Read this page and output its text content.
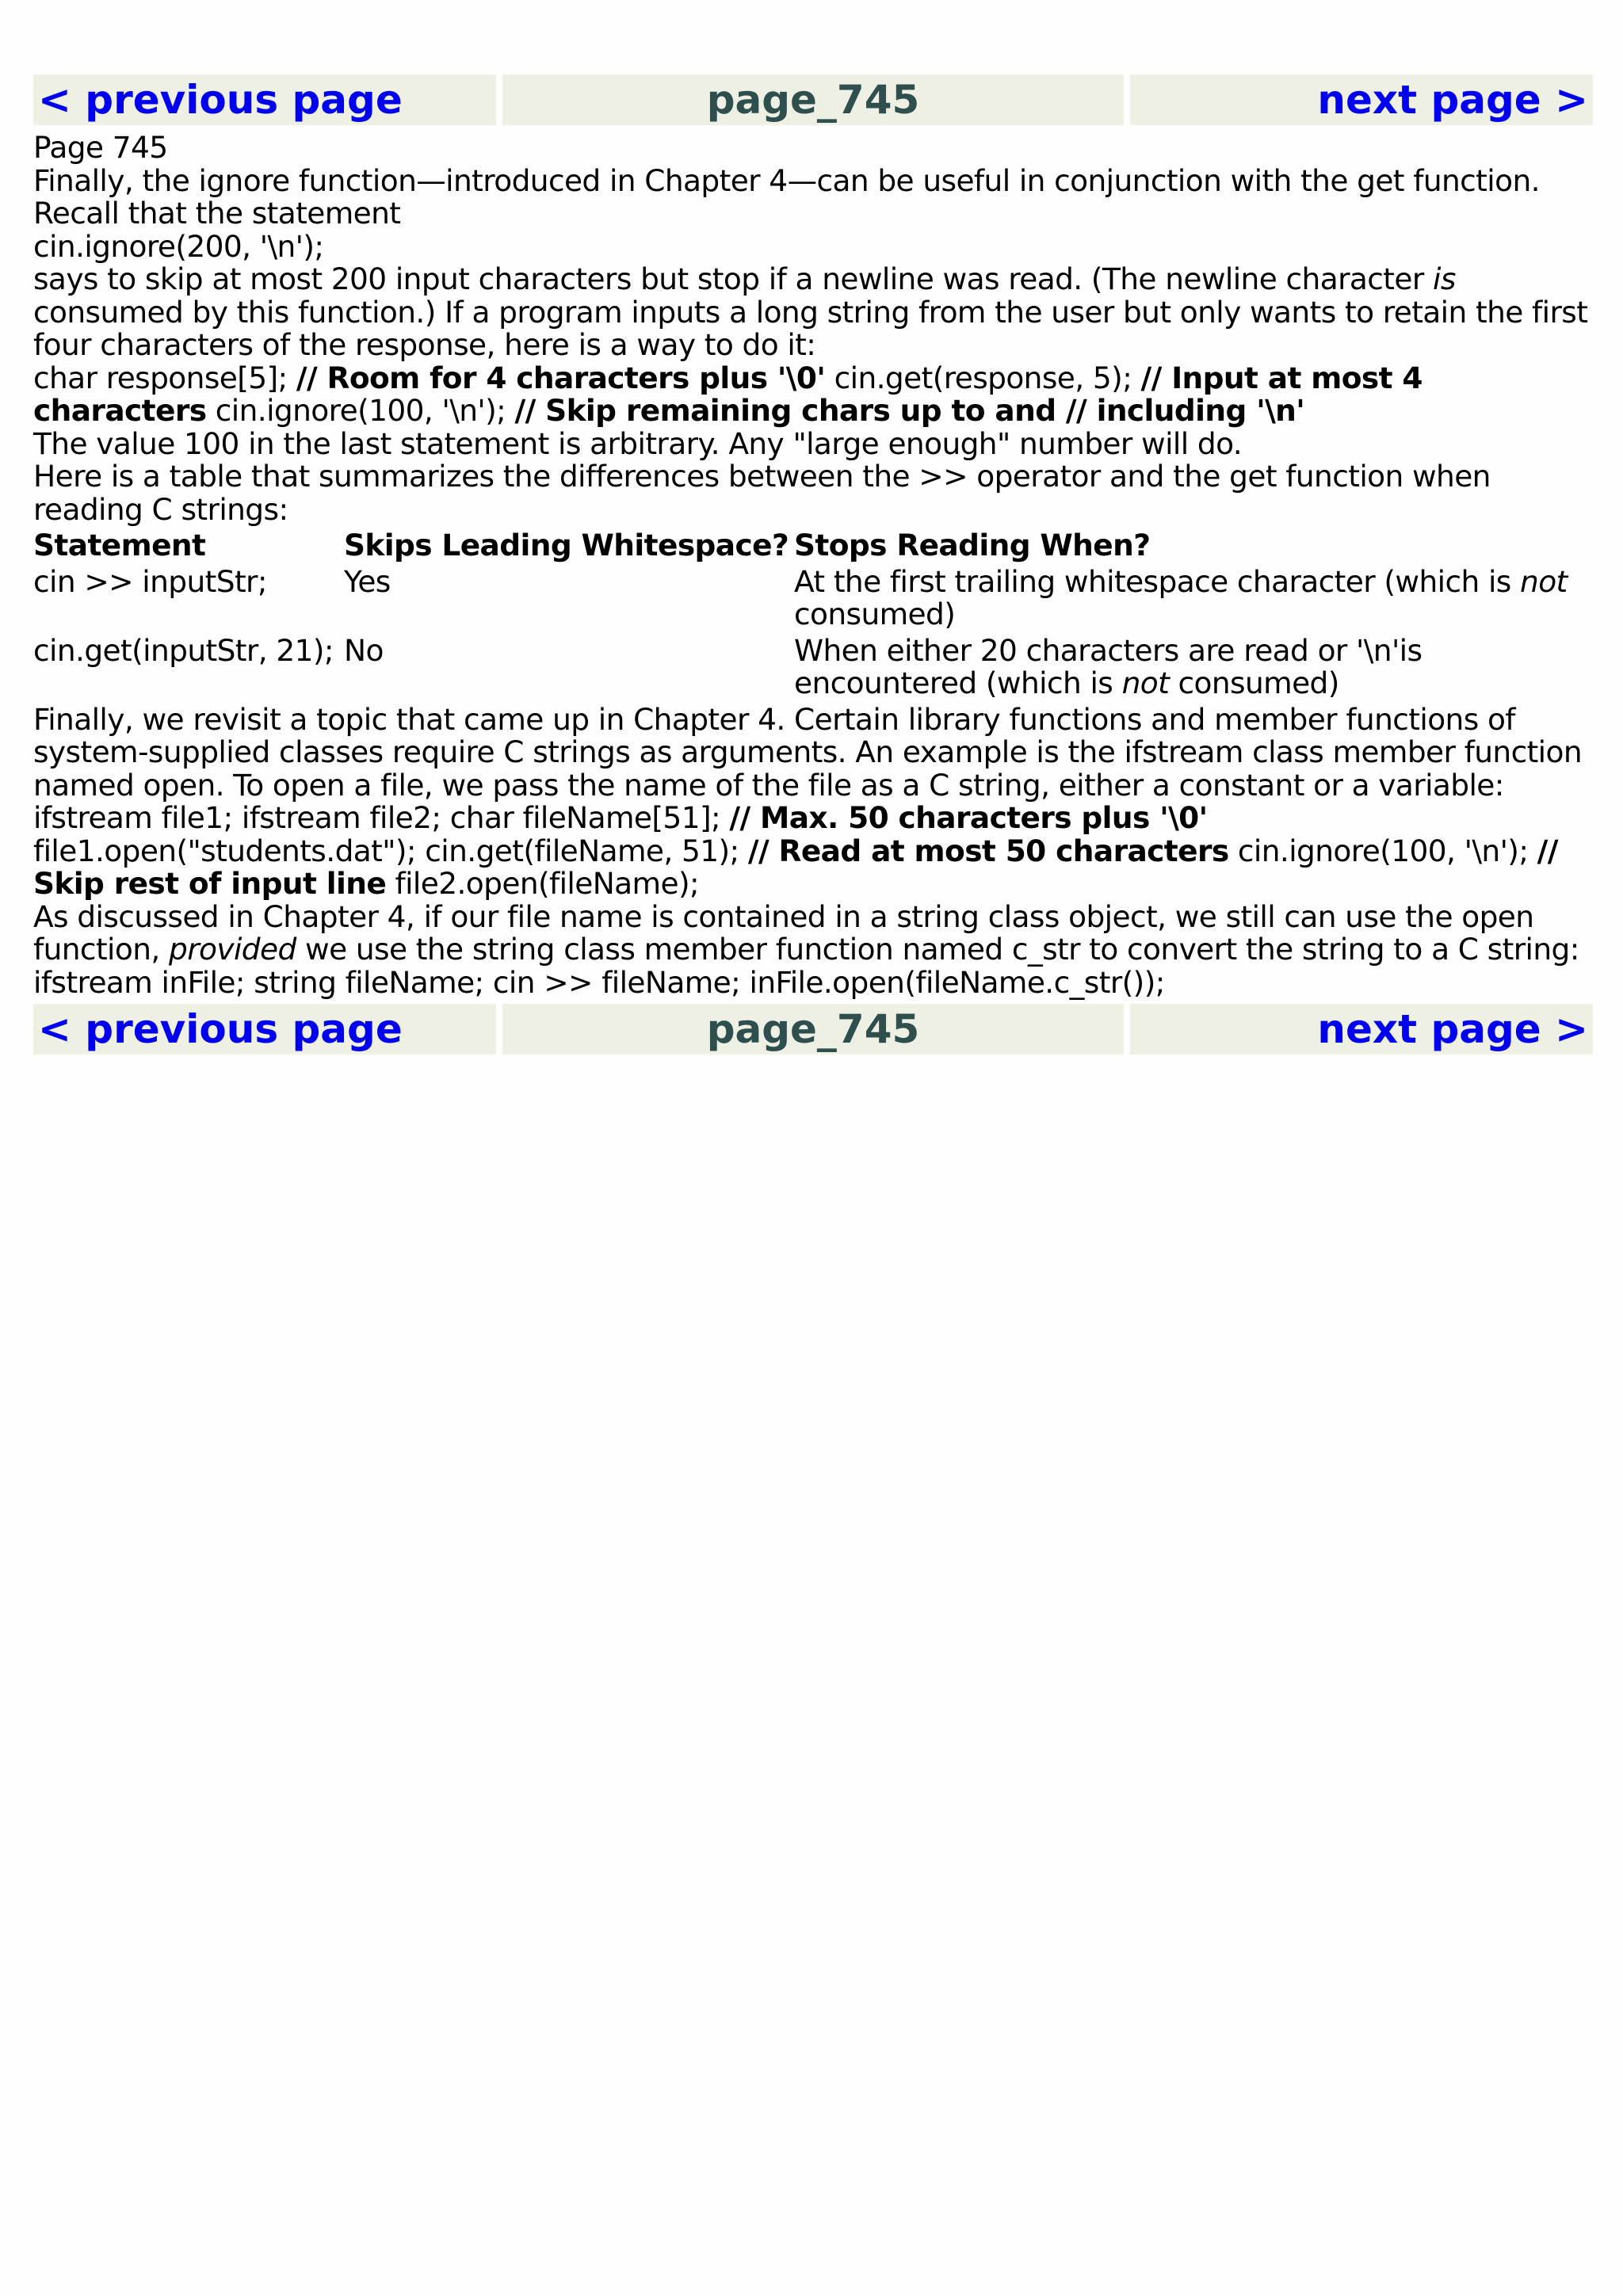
< previous page	page_745	next page >

Page 745

Finally, the ignore function—introduced in Chapter 4—can be useful in conjunction with the get function. Recall that the statement

cin.ignore(200, '\n');

says to skip at most 200 input characters but stop if a newline was read. (The newline character is consumed by this function.) If a program inputs a long string from the user but only wants to retain the first four characters of the response, here is a way to do it:

char response[5]; // Room for 4 characters plus '\0' cin.get(response, 5); // Input at most 4 characters cin.ignore(100, '\n'); // Skip remaining chars up to and // including '\n'

The value 100 in the last statement is arbitrary. Any "large enough" number will do.

Here is a table that summarizes the differences between the >> operator and the get function when reading C strings:

Statement	Skips Leading Whitespace?	Stops Reading When?
cin >> inputStr;	Yes	At the first trailing whitespace character (which is not consumed)
cin.get(inputStr, 21);	No	When either 20 characters are read or '\n'is encountered (which is not consumed)

Finally, we revisit a topic that came up in Chapter 4. Certain library functions and member functions of system-supplied classes require C strings as arguments. An example is the ifstream class member function named open. To open a file, we pass the name of the file as a C string, either a constant or a variable:

ifstream file1; ifstream file2; char fileName[51]; // Max. 50 characters plus '\0' file1.open("students.dat"); cin.get(fileName, 51); // Read at most 50 characters cin.ignore(100, '\n'); // Skip rest of input line file2.open(fileName);

As discussed in Chapter 4, if our file name is contained in a string class object, we still can use the open function, provided we use the string class member function named c_str to convert the string to a C string:

ifstream inFile; string fileName; cin >> fileName; inFile.open(fileName.c_str());

< previous page	page_745	next page >
